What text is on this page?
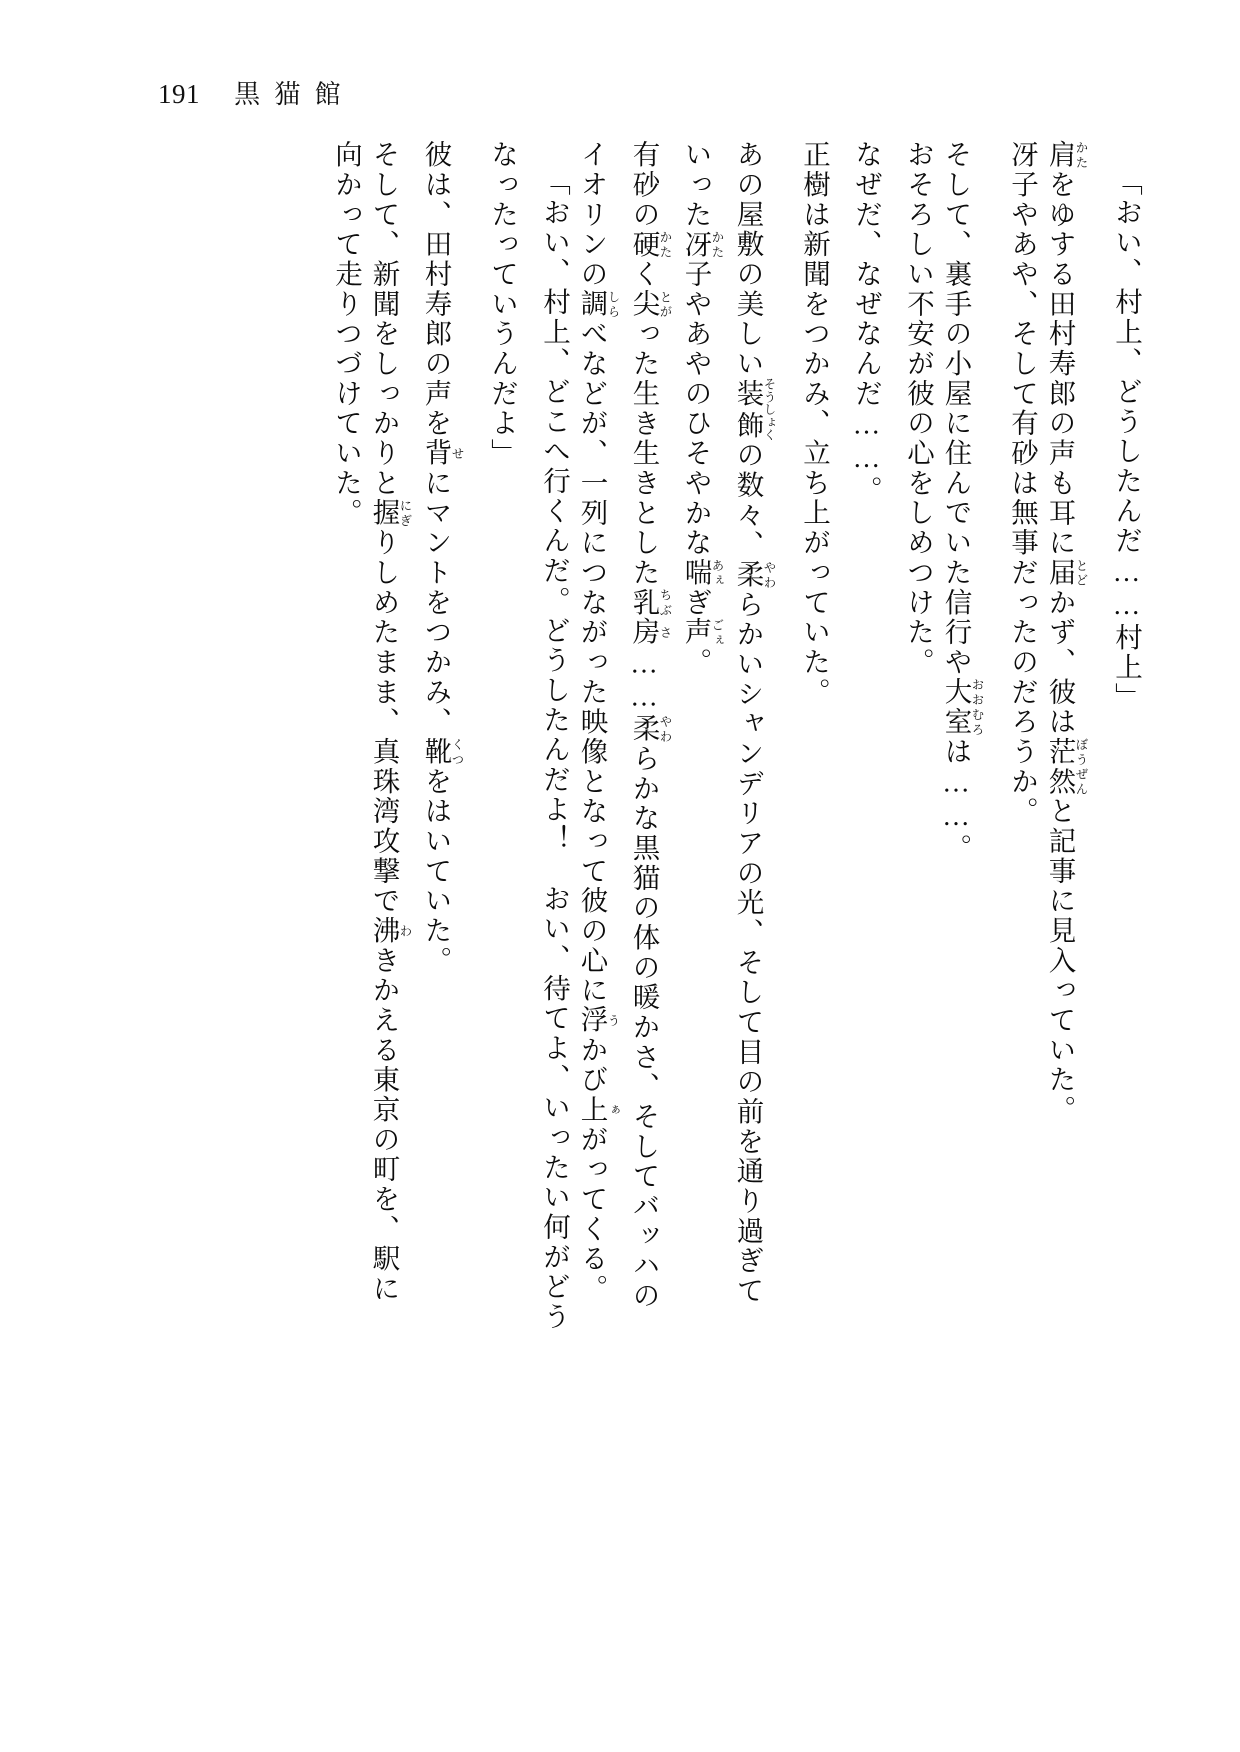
191 黒猫館
「おい、村上、どうしたんだ……村上」
肩かたをゆする田村寿郎の声も耳に届とどかず、彼は茫然ぼうぜんと記事に見入っていた。
冴子やあや、そして有砂は無事だったのだろうか。
そして、裏手の小屋に住んでいた信行や大室おおむろは……。
おそろしい不安が彼の心をしめつけた。
なぜだ、なぜなんだ……。
正樹は新聞をつかみ、立ち上がっていた。
あの屋敷の美しい装飾そうしょくの数々、柔やわらかいシャンデリアの光、そして目の前を通り過ぎて
いった冴かた子やあやのひそやかな喘あぇぎ声ごぇ。
有砂の硬かたく尖とがった生き生きとした乳ちぶ房さ……柔やわらかな黒猫の体の暖かさ、そしてバッハの
イオリンの調しらべなどが、一列につながった映像となって彼の心に浮うかび上ぁがってくる。
「おい、村上、どこへ行くんだ。どうしたんだよ！　おい、待てよ、いったい何がどう
なったっていうんだよ」
彼は、田村寿郎の声を背せにマントをつかみ、靴くつをはいていた。
そして、新聞をしっかりと握にぎりしめたまま、真珠湾攻撃で沸わきかえる東京の町を、駅に
向かって走りつづけていた。
